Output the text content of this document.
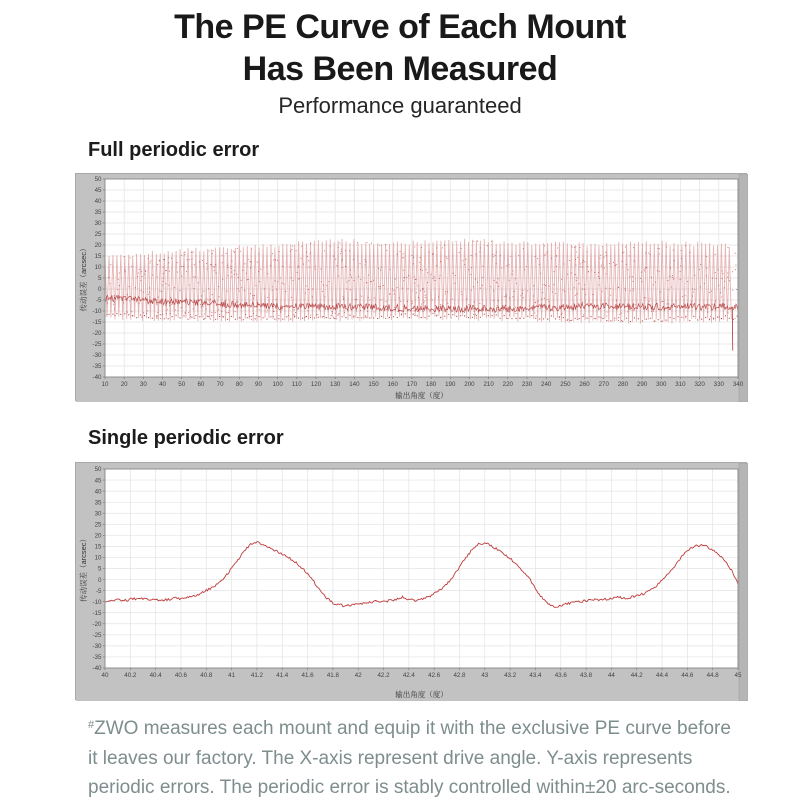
The PE Curve of Each Mount
Has Been Measured

Performance guaranteed

Full periodic error
10 20 30 40 50 60 70 80 90 100 110 120 130 140 150 160 170 180 190 200 210 220 230 240 250 260 270 280 290 300 310 320 330 340
50
45
40
35
30
25
20
15
10
5
0
-5
-10
-15
-20
-25
-30
-35
-40
输出角度（度）
传动误差（arcsec）
Single periodic error
40	40.2 40.4 40.6 40.8	41	41.2 41.4 41.6 41.8	42	42.2 42.4 42.6 42.8	43	43.2 43.4 43.6 43.8	44	44.2 44.4 44.6 44.8	45
50
45
40
35
30
25
20
15
10
5
0
-5
-10
-15
-20
-25
-30
-35
-40
输出角度（度）
传动误差（arcsec）

#ZWO measures each mount and equip it with the exclusive PE curve before it leaves our factory. The X-axis represent drive angle. Y-axis represents periodic errors. The periodic error is stably controlled within±20 arc-seconds.
